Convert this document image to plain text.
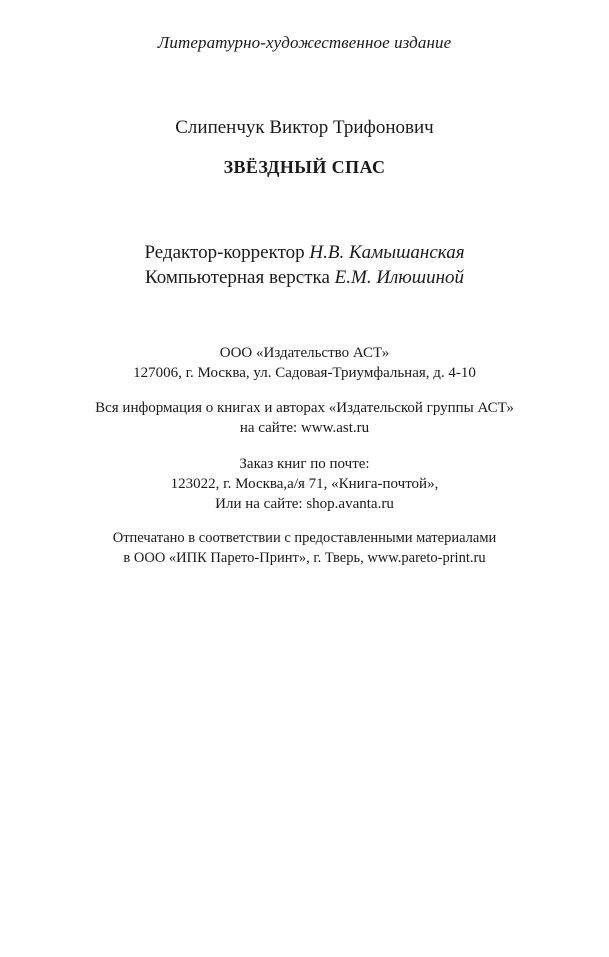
Литературно-художественное издание
Слипенчук Виктор Трифонович
ЗВЁЗДНЫЙ СПАС
Редактор-корректор Н.В. Камышанская
Компьютерная верстка Е.М. Илюшиной
ООО «Издательство АСТ»
127006, г. Москва, ул. Садовая-Триумфальная, д. 4-10
Вся информация о книгах и авторах «Издательской группы АСТ»
на сайте: www.ast.ru
Заказ книг по почте:
123022, г. Москва,а/я 71, «Книга-почтой»,
Или на сайте: shop.avanta.ru
Отпечатано в соответствии с предоставленными материалами
в ООО «ИПК Парето-Принт», г. Тверь, www.pareto-print.ru
